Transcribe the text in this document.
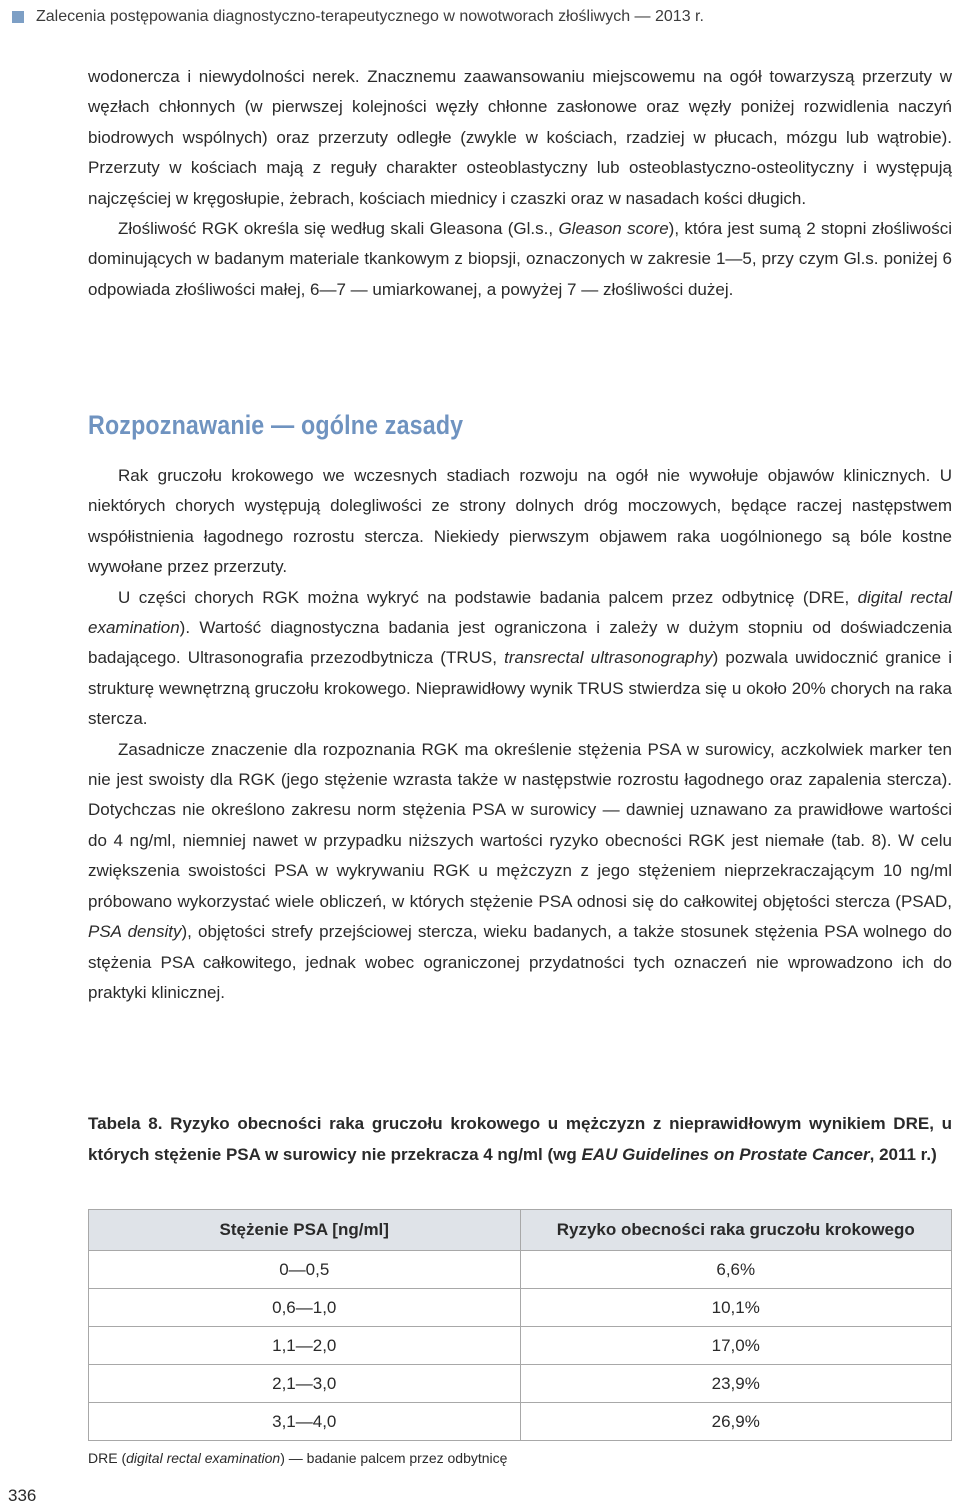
Zalecenia postępowania diagnostyczno-terapeutycznego w nowotworach złośliwych — 2013 r.

wodonercza i niewydolności nerek. Znacznemu zaawansowaniu miejscowemu na ogół towarzyszą przerzuty w węzłach chłonnych (w pierwszej kolejności węzły chłonne zasłonowe oraz węzły poniżej rozwidlenia naczyń biodrowych wspólnych) oraz przerzuty odległe (zwykle w kościach, rzadziej w płucach, mózgu lub wątrobie). Przerzuty w kościach mają z reguły charakter osteoblastyczny lub osteoblastyczno-osteolityczny i występują najczęściej w kręgosłupie, żebrach, kościach miednicy i czaszki oraz w nasadach kości długich.

Złośliwość RGK określa się według skali Gleasona (Gl.s., Gleason score), która jest sumą 2 stopni złośliwości dominujących w badanym materiale tkankowym z biopsji, oznaczonych w zakresie 1—5, przy czym Gl.s. poniżej 6 odpowiada złośliwości małej, 6—7 — umiarkowanej, a powyżej 7 — złośliwości dużej.

Rozpoznawanie — ogólne zasady

Rak gruczołu krokowego we wczesnych stadiach rozwoju na ogół nie wywołuje objawów klinicznych. U niektórych chorych występują dolegliwości ze strony dolnych dróg moczowych, będące raczej następstwem współistnienia łagodnego rozrostu stercza. Niekiedy pierwszym objawem raka uogólnionego są bóle kostne wywołane przez przerzuty.

U części chorych RGK można wykryć na podstawie badania palcem przez odbytnicę (DRE, digital rectal examination). Wartość diagnostyczna badania jest ograniczona i zależy w dużym stopniu od doświadczenia badającego. Ultrasonografia przezodbytnicza (TRUS, transrectal ultrasonography) pozwala uwidocznić granice i strukturę wewnętrzną gruczołu krokowego. Nieprawidłowy wynik TRUS stwierdza się u około 20% chorych na raka stercza.

Zasadnicze znaczenie dla rozpoznania RGK ma określenie stężenia PSA w surowicy, aczkolwiek marker ten nie jest swoisty dla RGK (jego stężenie wzrasta także w następstwie rozrostu łagodnego oraz zapalenia stercza). Dotychczas nie określono zakresu norm stężenia PSA w surowicy — dawniej uznawano za prawidłowe wartości do 4 ng/ml, niemniej nawet w przypadku niższych wartości ryzyko obecności RGK jest niemałe (tab. 8). W celu zwiększenia swoistości PSA w wykrywaniu RGK u mężczyzn z jego stężeniem nieprzekraczającym 10 ng/ml próbowano wykorzystać wiele obliczeń, w których stężenie PSA odnosi się do całkowitej objętości stercza (PSAD, PSA density), objętości strefy przejściowej stercza, wieku badanych, a także stosunek stężenia PSA wolnego do stężenia PSA całkowitego, jednak wobec ograniczonej przydatności tych oznaczeń nie wprowadzono ich do praktyki klinicznej.

Tabela 8. Ryzyko obecności raka gruczołu krokowego u mężczyzn z nieprawidłowym wynikiem DRE, u których stężenie PSA w surowicy nie przekracza 4 ng/ml (wg EAU Guidelines on Prostate Cancer, 2011 r.)
Stężenie PSA [ng/ml]	Ryzyko obecności raka gruczołu krokowego
0—0,5	6,6%
0,6—1,0	10,1%
1,1—2,0	17,0%
2,1—3,0	23,9%
3,1—4,0	26,9%
DRE (digital rectal examination) — badanie palcem przez odbytnicę
336
